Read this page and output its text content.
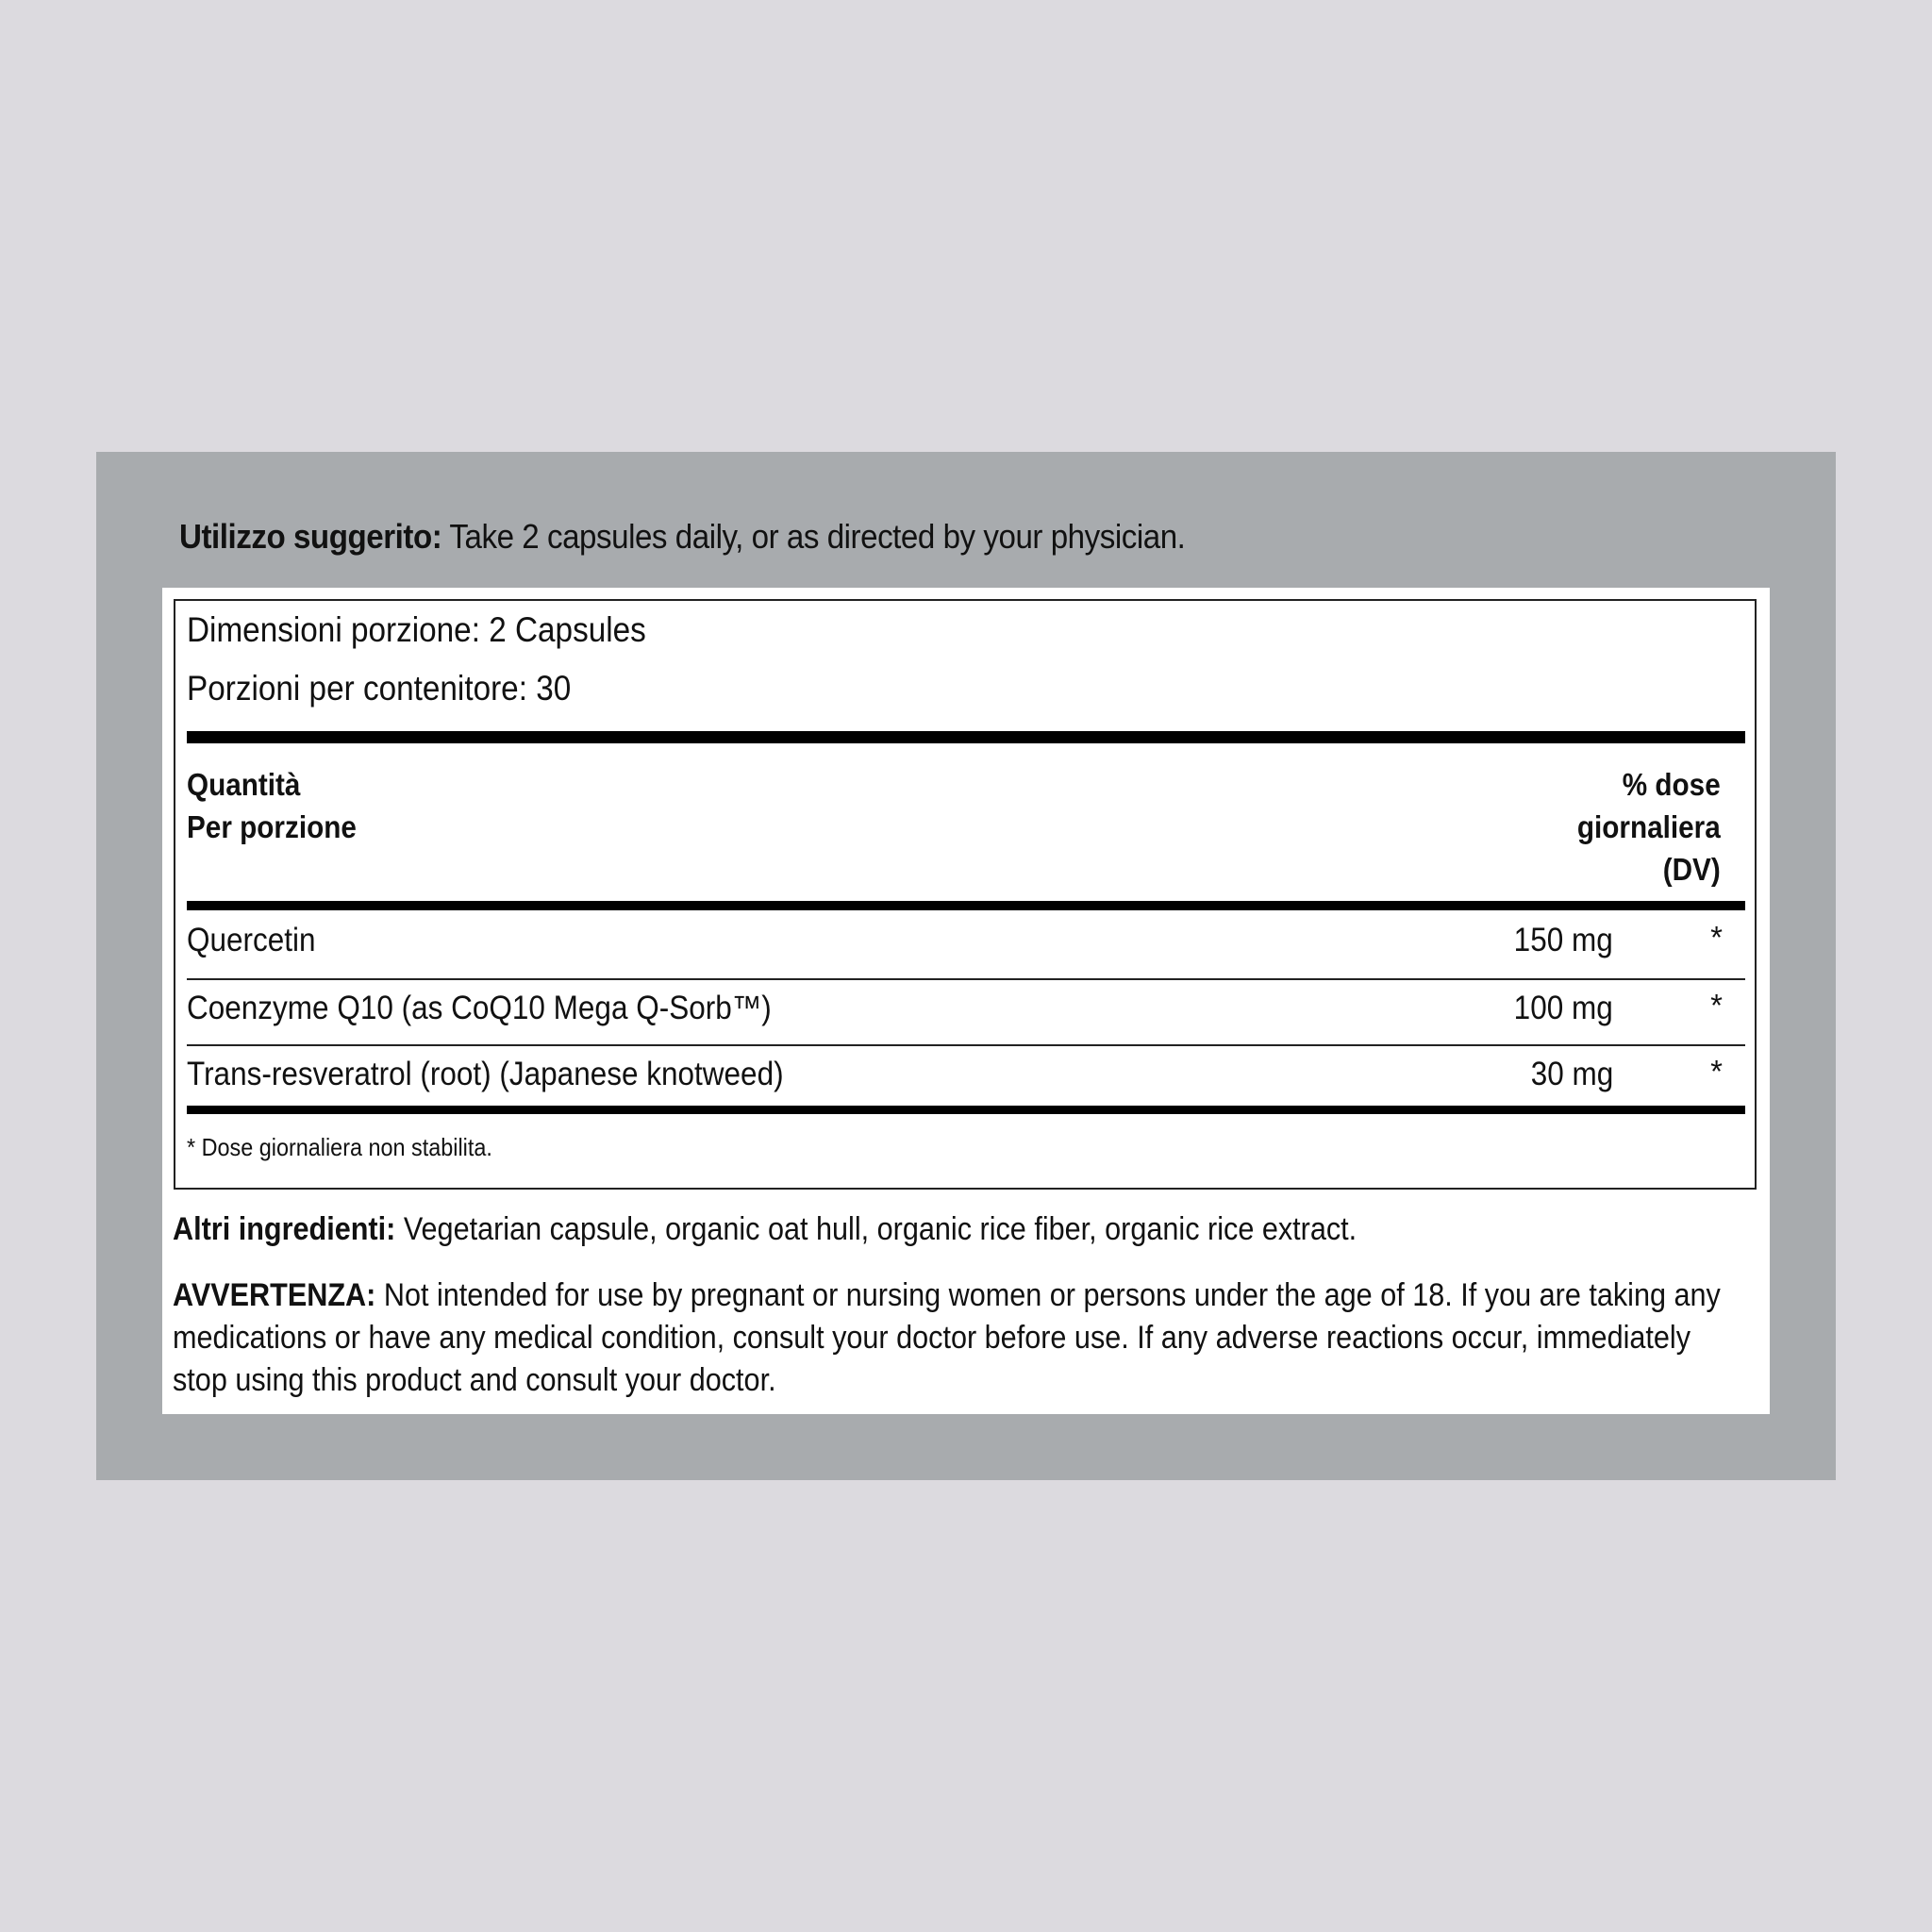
Utilizzo suggerito: Take 2 capsules daily, or as directed by your physician.
Dimensioni porzione: 2 Capsules
Porzioni per contenitore: 30
Quantità
Per porzione
% dose
giornaliera
(DV)
Quercetin	150 mg	*
Coenzyme Q10 (as CoQ10 Mega Q-Sorb™)	100 mg	*
Trans-resveratrol (root) (Japanese knotweed)	30 mg	*
* Dose giornaliera non stabilita.
Altri ingredienti: Vegetarian capsule, organic oat hull, organic rice fiber, organic rice extract.
AVVERTENZA: Not intended for use by pregnant or nursing women or persons under the age of 18. If you are taking any medications or have any medical condition, consult your doctor before use. If any adverse reactions occur, immediately stop using this product and consult your doctor.
